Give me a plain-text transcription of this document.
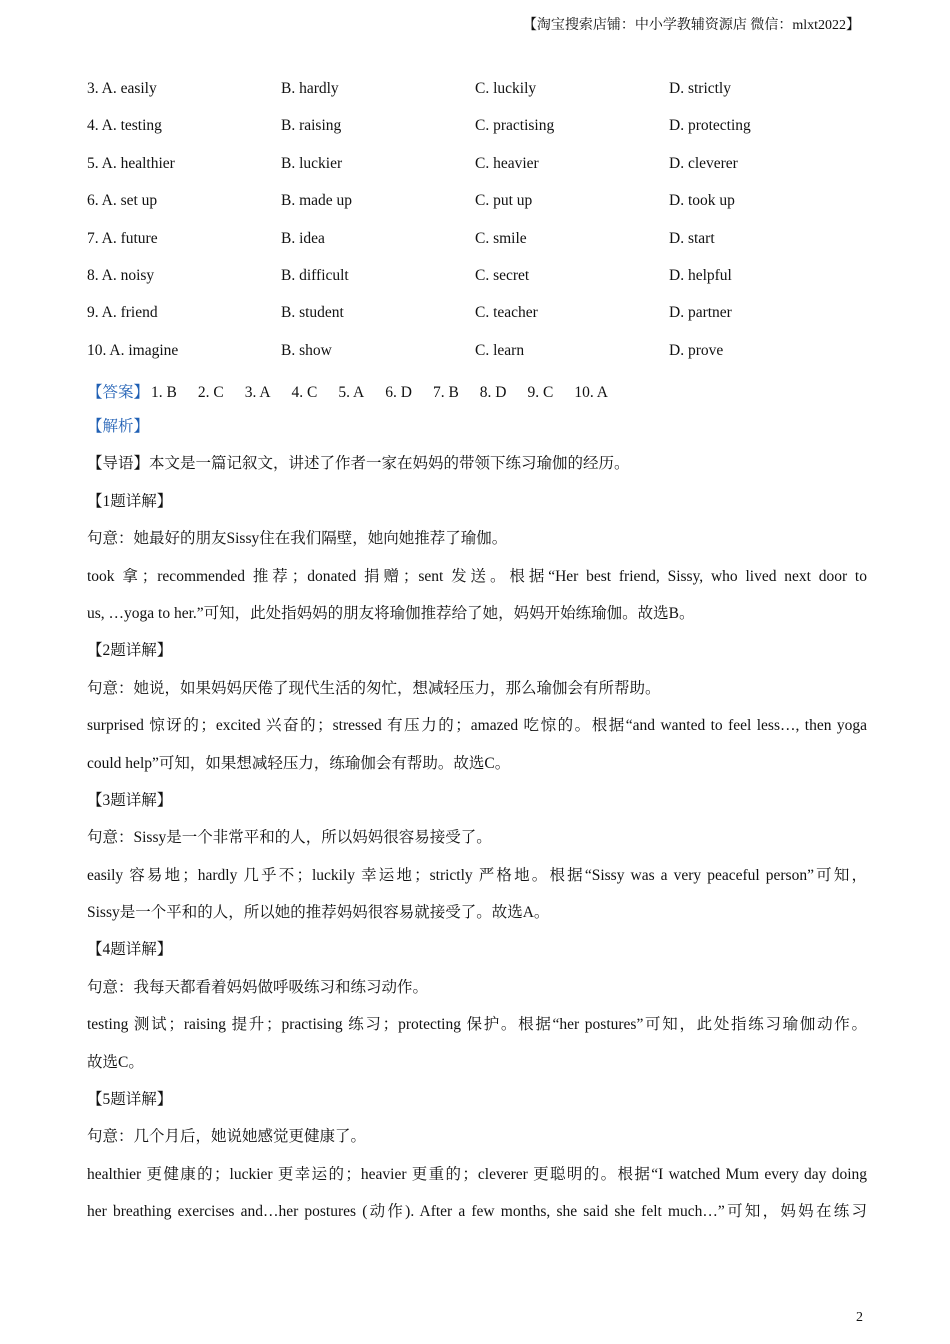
【淘宝搜索店铺：中小学教辅资源店 微信：mlxt2022】
3. A. easily	B. hardly	C. luckily	D. strictly
4. A. testing	B. raising	C. practising	D. protecting
5. A. healthier	B. luckier	C. heavier	D. cleverer
6. A. set up	B. made up	C. put up	D. took up
7. A. future	B. idea	C. smile	D. start
8. A. noisy	B. difficult	C. secret	D. helpful
9. A. friend	B. student	C. teacher	D. partner
10. A. imagine	B. show	C. learn	D. prove
【答案】 1. B 2. C 3. A 4. C 5. A 6. D 7. B 8. D 9. C 10. A
【解析】
【导语】本文是一篇记叙文，讲述了作者一家在妈妈的带领下练习瑜伽的经历。
【1题详解】
句意：她最好的朋友Sissy住在我们隔壁，她向她推荐了瑜伽。
took 拿；recommended 推荐；donated 捐赠；sent 发送。根据“Her best friend, Sissy, who lived next door to
us, …yoga to her.”可知，此处指妈妈的朋友将瑜伽推荐给了她，妈妈开始练瑜伽。故选B。
【2题详解】
句意：她说，如果妈妈厌倦了现代生活的匆忙，想减轻压力，那么瑜伽会有所帮助。
surprised 惊讶的；excited 兴奋的；stressed 有压力的；amazed 吃惊的。根据“and wanted to feel less…, then yoga
could help”可知，如果想减轻压力，练瑜伽会有帮助。故选C。
【3题详解】
句意：Sissy是一个非常平和的人，所以妈妈很容易接受了。
easily 容易地；hardly 几乎不；luckily 幸运地；strictly 严格地。根据“Sissy was a very peaceful person”可知，
Sissy是一个平和的人，所以她的推荐妈妈很容易就接受了。故选A。
【4题详解】
句意：我每天都看着妈妈做呼吸练习和练习动作。
testing 测试；raising 提升；practising 练习；protecting 保护。根据“her postures”可知，此处指练习瑜伽动作。
故选C。
【5题详解】
句意：几个月后，她说她感觉更健康了。
healthier 更健康的；luckier 更幸运的；heavier 更重的；cleverer 更聪明的。根据“I watched Mum every day doing
her breathing exercises and…her postures (动作). After a few months, she said she felt much…”可知，妈妈在练习
2
